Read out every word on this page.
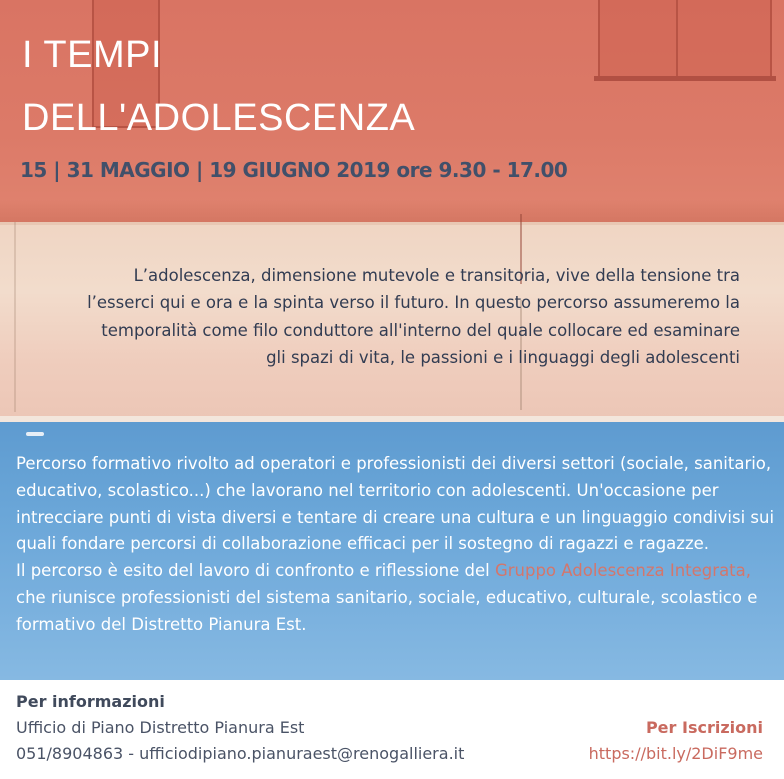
I TEMPI
DELL'ADOLESCENZA

15 | 31 MAGGIO | 19 GIUGNO 2019 ore 9.30 - 17.00

L’adolescenza, dimensione mutevole e transitoria, vive della tensione tra l’esserci qui e ora e la spinta verso il futuro. In questo percorso assumeremo la temporalità come filo conduttore all'interno del quale collocare ed esaminare gli spazi di vita, le passioni e i linguaggi degli adolescenti

Percorso formativo rivolto ad operatori e professionisti dei diversi settori (sociale, sanitario, educativo, scolastico...) che lavorano nel territorio con adolescenti. Un'occasione per intrecciare punti di vista diversi e tentare di creare una cultura e un linguaggio condivisi sui quali fondare percorsi di collaborazione efficaci per il sostegno di ragazzi e ragazze.

Il percorso è esito del lavoro di confronto e riflessione del Gruppo Adolescenza Integrata, che riunisce professionisti del sistema sanitario, sociale, educativo, culturale, scolastico e formativo del Distretto Pianura Est.

Per informazioni

Ufficio di Piano Distretto Pianura Est

051/8904863 - ufficiodipiano.pianuraest@renogalliera.it

Per Iscrizioni

https://bit.ly/2DiF9me
